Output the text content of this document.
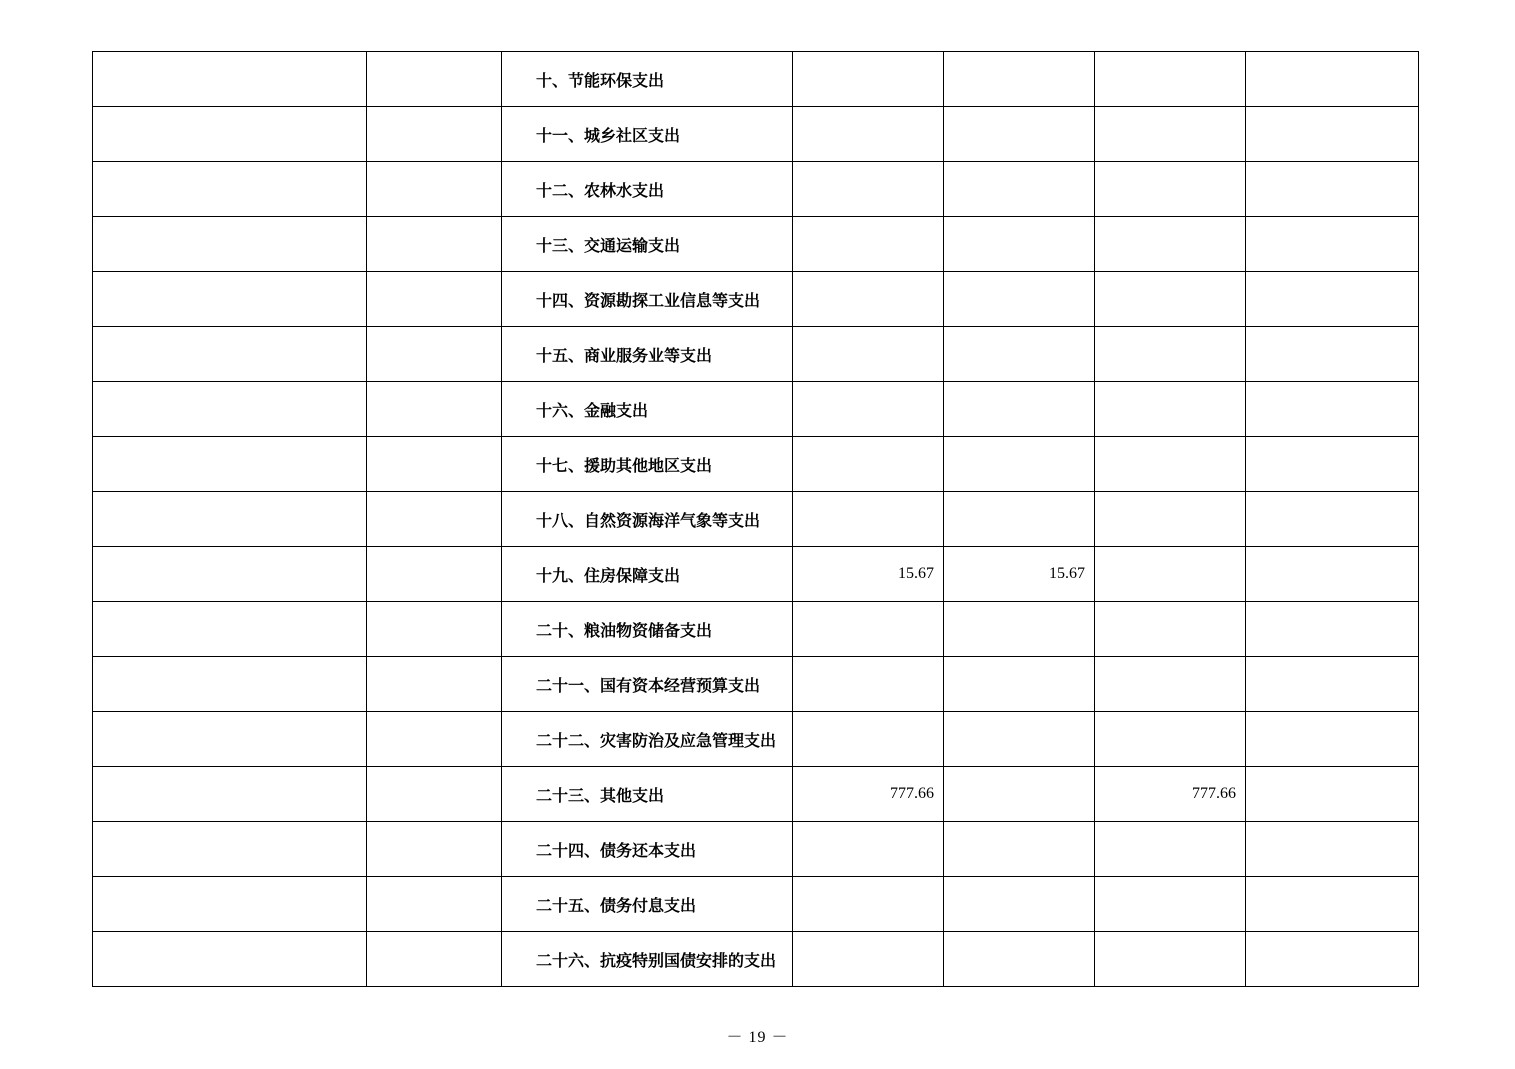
		十、节能环保支出				
		十一、城乡社区支出				
		十二、农林水支出				
		十三、交通运输支出				
		十四、资源勘探工业信息等支出				
		十五、商业服务业等支出				
		十六、金融支出				
		十七、援助其他地区支出				
		十八、自然资源海洋气象等支出				
		十九、住房保障支出	15.67	15.67		
		二十、粮油物资储备支出				
		二十一、国有资本经营预算支出				
		二十二、灾害防治及应急管理支出				
		二十三、其他支出	777.66		777.66	
		二十四、债务还本支出				
		二十五、债务付息支出				
		二十六、抗疫特别国债安排的支出				
－ 19 －
